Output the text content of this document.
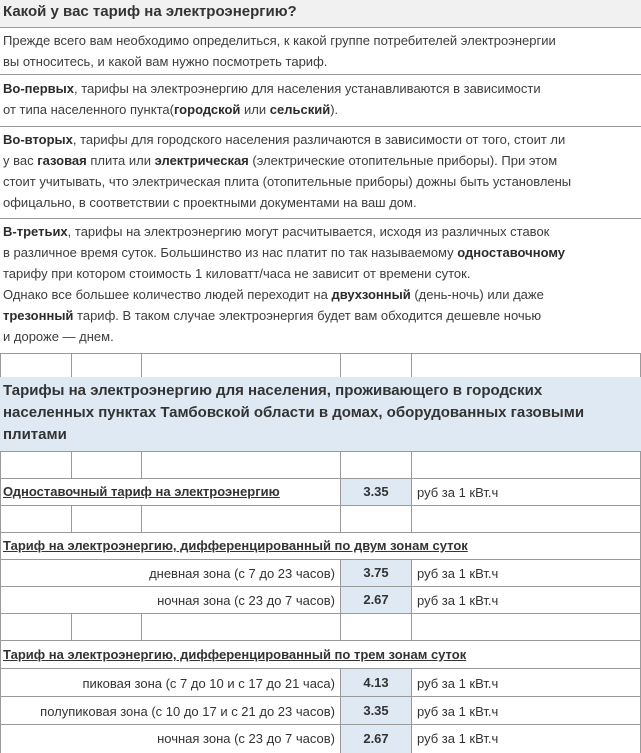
Какой у вас тариф на электроэнергию?
Прежде всего вам необходимо определиться, к какой группе потребителей электроэнергии
вы относитесь, и какой вам нужно посмотреть тариф.
Во-первых, тарифы на электроэнергию для населения устанавливаются в зависимости
от типа населенного пункта(городской или сельский).
Во-вторых, тарифы для городского населения различаются в зависимости от того, стоит ли
у вас газовая плита или электрическая (электрические отопительные приборы). При этом
стоит учитывать, что электрическая плита (отопительные приборы) дожны быть установлены
офицально, в соответствии с проектными документами на ваш дом.
В-третьих, тарифы на электроэнергию могут расчитывается, исходя из различных ставок
в различное время суток. Большинство из нас платит по так называемому одноставочному
тарифу при котором стоимость 1 киловатт/часа не зависит от времени суток.
Однако все большее количество людей переходит на двухзонный (день-ночь) или даже
трезонный тариф. В таком случае электроэнергия будет вам обходится дешевле ночью
и дороже — днем.
Тарифы на электроэнергию для населения, проживающего в городских населенных пунктах Тамбовской области в домах, оборудованных газовыми плитами
Одноставочный тариф на электроэнергию	3.35	руб за 1 кВт.ч
Тариф на электроэнергию, дифференцированный по двум зонам суток
дневная зона (с 7 до 23 часов)	3.75	руб за 1 кВт.ч
ночная зона (с 23 до 7 часов)	2.67	руб за 1 кВт.ч
Тариф на электроэнергию, дифференцированный по трем зонам суток
пиковая зона (с 7 до 10 и с 17 до 21 часа)	4.13	руб за 1 кВт.ч
полупиковая зона (с 10 до 17 и с 21 до 23 часов)	3.35	руб за 1 кВт.ч
ночная зона (с 23 до 7 часов)	2.67	руб за 1 кВт.ч
